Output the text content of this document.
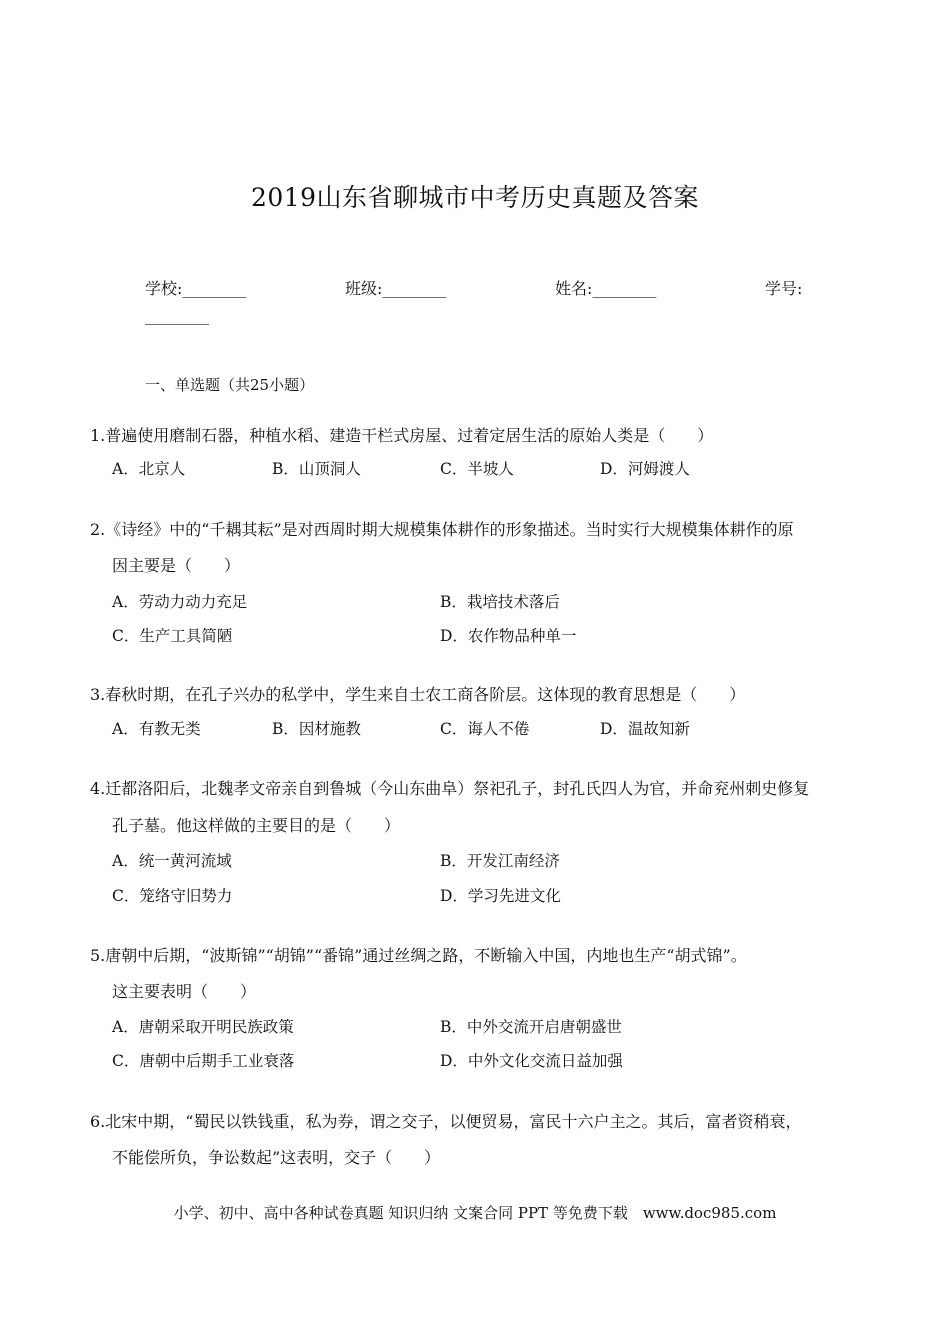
2019山东省聊城市中考历史真题及答案
学校:________	班级:________	姓名:________	学号:
________
一、单选题（共25小题）
1.普遍使用磨制石器，种植水稻、建造干栏式房屋、过着定居生活的原始人类是（　　）
A．北京人	B．山顶洞人	C．半坡人	D．河姆渡人
2.《诗经》中的“千耦其耘”是对西周时期大规模集体耕作的形象描述。当时实行大规模集体耕作的原
因主要是（　　）
A．劳动力动力充足	B．栽培技术落后
C．生产工具简陋	D．农作物品种单一
3.春秋时期，在孔子兴办的私学中，学生来自士农工商各阶层。这体现的教育思想是（　　）
A．有教无类	B．因材施教	C．诲人不倦	D．温故知新
4.迁都洛阳后，北魏孝文帝亲自到鲁城（今山东曲阜）祭祀孔子，封孔氏四人为官，并命兖州刺史修复
孔子墓。他这样做的主要目的是（　　）
A．统一黄河流域	B．开发江南经济
C．笼络守旧势力	D．学习先进文化
5.唐朝中后期，“波斯锦”“胡锦”“番锦”通过丝绸之路，不断输入中国，内地也生产“胡式锦”。
这主要表明（　　）
A．唐朝采取开明民族政策	B．中外交流开启唐朝盛世
C．唐朝中后期手工业衰落	D．中外文化交流日益加强
6.北宋中期，“蜀民以铁钱重，私为券，谓之交子，以便贸易，富民十六户主之。其后，富者资稍衰，
不能偿所负，争讼数起”这表明，交子（　　）
小学、初中、高中各种试卷真题 知识归纳 文案合同 PPT 等免费下载　www.doc985.com
